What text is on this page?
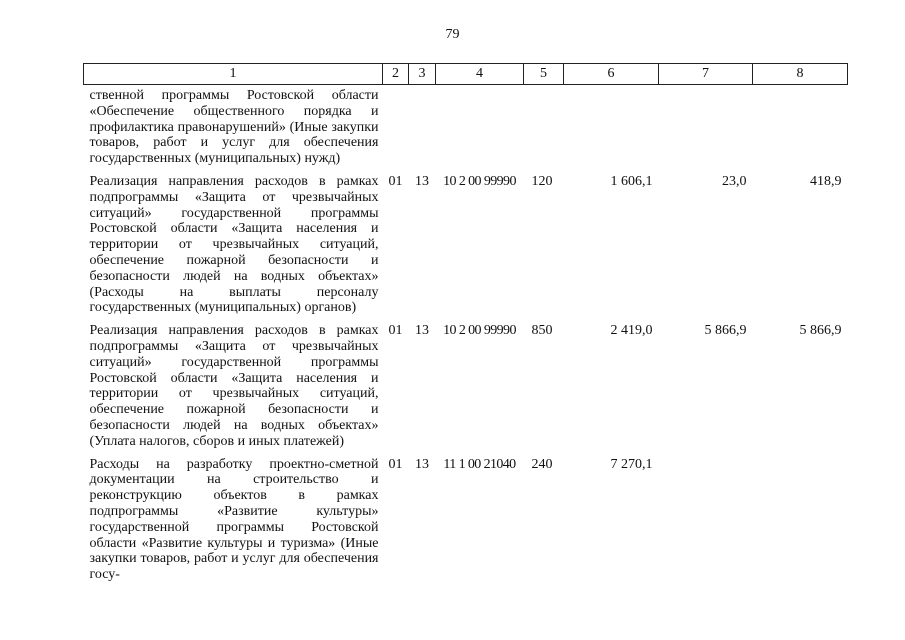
79
1	2	3	4	5	6	7	8
ственной программы Ростовской области «Обеспечение общественного порядка и профилактика правонарушений» (Иные закупки товаров, работ и услуг для обеспечения государственных (муниципальных) нужд)							
Реализация направления расходов в рамках подпрограммы «Защита от чрезвычайных ситуаций» государственной программы Ростовской области «Защита населения и территории от чрезвычайных ситуаций, обеспечение пожарной безопасности и безопасности людей на водных объектах» (Расходы на выплаты персоналу государственных (муниципальных) органов)	01	13	10 2 00 99990	120	1 606,1	23,0	418,9
Реализация направления расходов в рамках подпрограммы «Защита от чрезвычайных ситуаций» государственной программы Ростовской области «Защита населения и территории от чрезвычайных ситуаций, обеспечение пожарной безопасности и безопасности людей на водных объектах» (Уплата налогов, сборов и иных платежей)	01	13	10 2 00 99990	850	2 419,0	5 866,9	5 866,9
Расходы на разработку проектно-сметной документации на строительство и реконструкцию объектов в рамках подпрограммы «Развитие культуры» государственной программы Ростовской области «Развитие культуры и туризма» (Иные закупки товаров, работ и услуг для обеспечения госу-	01	13	11 1 00 21040	240	7 270,1		
